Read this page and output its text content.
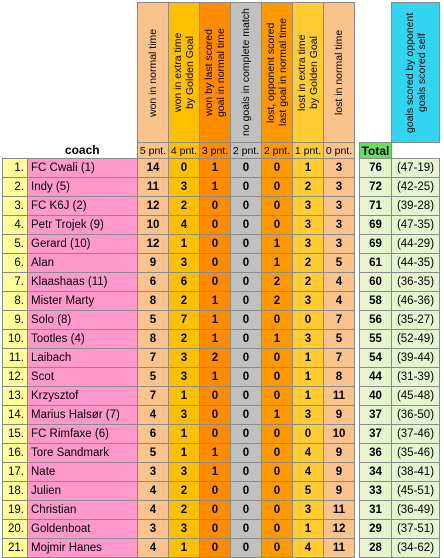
		won in normal time	won in extra time
by Golden Goal	won by last scored
goal in normal time	no goals in complete match	lost, opponent scored
last goal in normal time	lost in extra time
by Golden Goal	lost in normal time			goals scored by opponent
goals scored self

	coach	5 pnt.	4 pnt.	3 pnt.	2 pnt.	2 pnt.	1 pnt.	0 pnt.		Total	
1.	FC Cwali (1)	14	0	1	0	0	1	3		76	(47-19)
2.	Indy (5)	11	3	1	0	0	2	3		72	(42-25)
3.	FC K6J (2)	12	2	0	0	0	3	3		71	(39-28)
4.	Petr Trojek (9)	10	4	0	0	0	3	3		69	(47-35)
5.	Gerard (10)	12	1	0	0	1	3	3		69	(44-29)
6.	Alan	9	3	0	0	1	2	5		61	(44-35)
7.	Klaashaas (11)	6	6	0	0	2	2	4		60	(36-35)
8.	Mister Marty	8	2	1	0	2	3	4		58	(46-36)
9.	Solo (8)	5	7	1	0	0	0	7		56	(35-27)
10.	Tootles (4)	8	2	1	0	1	3	5		55	(52-49)
11.	Laibach	7	3	2	0	0	1	7		54	(39-44)
12.	Scot	5	3	1	0	0	1	8		44	(31-39)
13.	Krzysztof	7	1	0	0	0	1	11		40	(45-48)
14.	Marius Halsør (7)	4	3	0	0	1	3	9		37	(36-50)
15.	FC Rimfaxe (6)	6	1	0	0	0	0	10		37	(37-46)
16.	Tore Sandmark	5	1	1	0	0	4	9		36	(35-46)
17.	Nate	3	3	1	0	0	4	9		34	(38-41)
18.	Julien	4	2	0	0	0	5	9		33	(45-51)
19.	Christian	4	2	0	0	0	3	11		31	(36-49)
20.	Goldenboat	3	3	0	0	0	1	12		29	(37-51)
21.	Mojmir Hanes	4	1	0	0	0	4	11		28	(34-62)
